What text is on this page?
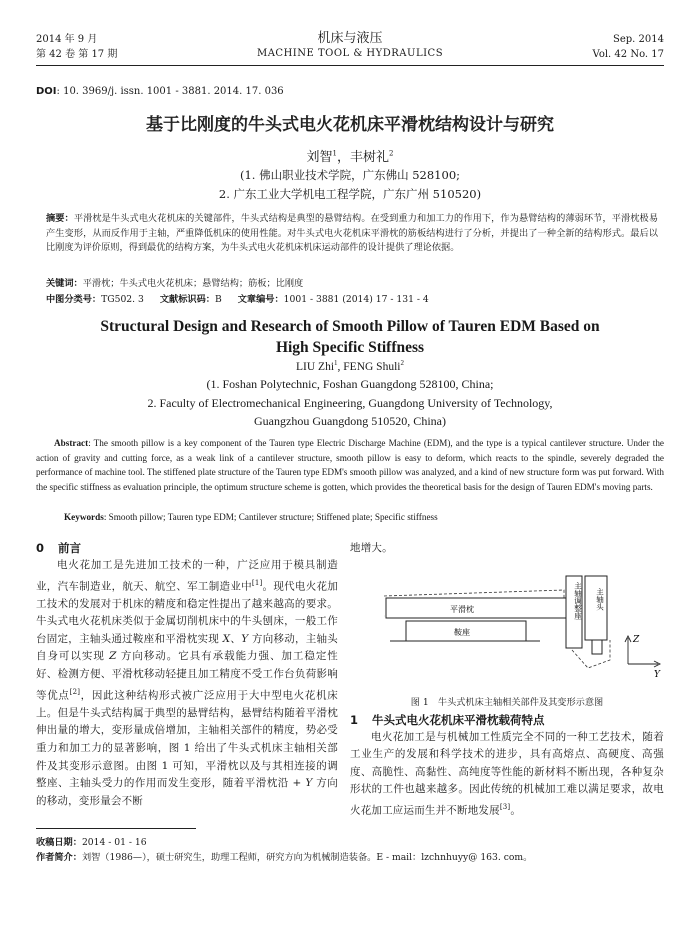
2014 年 9 月
第 42 卷 第 17 期
机床与液压
MACHINE TOOL & HYDRAULICS
Sep. 2014
Vol. 42 No. 17
DOI: 10. 3969/j. issn. 1001 - 3881. 2014. 17. 036
基于比刚度的牛头式电火花机床平滑枕结构设计与研究
刘智$^1$，丰树礼$^2$
(1. 佛山职业技术学院，广东佛山 528100;
2. 广东工业大学机电工程学院，广东广州 510520)
摘要：平滑枕是牛头式电火花机床的关键部件，牛头式结构是典型的悬臂结构。在受到重力和加工力的作用下，作为悬臂结构的薄弱环节，平滑枕极易产生变形，从而反作用于主轴，严重降低机床的使用性能。对牛头式电火花机床平滑枕的筋板结构进行了分析，并提出了一种全新的结构形式。最后以比刚度为评价原则，得到最优的结构方案，为牛头式电火花机床机床运动部件的设计提供了理论依据。
关键词：平滑枕；牛头式电火花机床；悬臂结构；筋板；比刚度
中图分类号：TG502. 3 文献标识码：B 文章编号：1001 - 3881 (2014) 17 - 131 - 4
Structural Design and Research of Smooth Pillow of Tauren EDM Based on
High Specific Stiffness
LIU Zhi$^1$, FENG Shuli$^2$
(1. Foshan Polytechnic, Foshan Guangdong 528100, China;
2. Faculty of Electromechanical Engineering, Guangdong University of Technology,
Guangzhou Guangdong 510520, China)
Abstract: The smooth pillow is a key component of the Tauren type Electric Discharge Machine (EDM), and the type is a typical cantilever structure. Under the action of gravity and cutting force, as a weak link of a cantilever structure, smooth pillow is easy to deform, which reacts to the spindle, severely degraded the performance of machine tool. The stiffened plate structure of the Tauren type EDM's smooth pillow was analyzed, and a kind of new structure form was put forward. With the specific stiffness as evaluation principle, the optimum structure scheme is gotten, which provides the theoretical basis for the design of Tauren EDM's moving parts.
Keywords: Smooth pillow; Tauren type EDM; Cantilever structure; Stiffened plate; Specific stiffness
0 前言

电火花加工是先进加工技术的一种，广泛应用于模具制造业，汽车制造业，航天、航空、军工制造业中[1]。现代电火花加工技术的发展对于机床的精度和稳定性提出了越来越高的要求。牛头式电火花机床类似于金属切削机床中的牛头刨床，一般工作台固定，主轴头通过鞍座和平滑枕实现 X、Y 方向移动，主轴头自身可以实现 Z 方向移动。它具有承载能力强、加工稳定性好、检测方便、平滑枕移动轻捷且加工精度不受工作台负荷影响等优点[2]，因此这种结构形式被广泛应用于大中型电火花机床上。但是牛头式结构属于典型的悬臂结构，悬臂结构随着平滑枕伸出量的增大，变形量成倍增加，主轴相关部件的精度，势必受重力和加工力的显著影响，图 1 给出了牛头式机床主轴相关部件及其变形示意图。由图 1 可知，平滑枕以及与其相连接的调整座、主轴头受力的作用而发生变形，随着平滑枕沿 + Y 方向的移动，变形量会不断

地增大。

平滑枕
鞍座
主轴调整座 主轴头
Z
Y
图 1　牛头式机床主轴相关部件及其变形示意图
1 牛头式电火花机床平滑枕载荷特点

电火花加工是与机械加工性质完全不同的一种工艺技术，随着工业生产的发展和科学技术的进步，具有高熔点、高硬度、高强度、高脆性、高黏性、高纯度等性能的新材料不断出现，各种复杂形状的工件也越来越多。因此传统的机械加工难以满足要求，故电火花加工应运而生并不断地发展[3]。

收稿日期：2014 - 01 - 16
作者简介：刘智（1986—），硕士研究生，助理工程师，研究方向为机械制造装备。E - mail：lzchnhuyy@ 163. com。
